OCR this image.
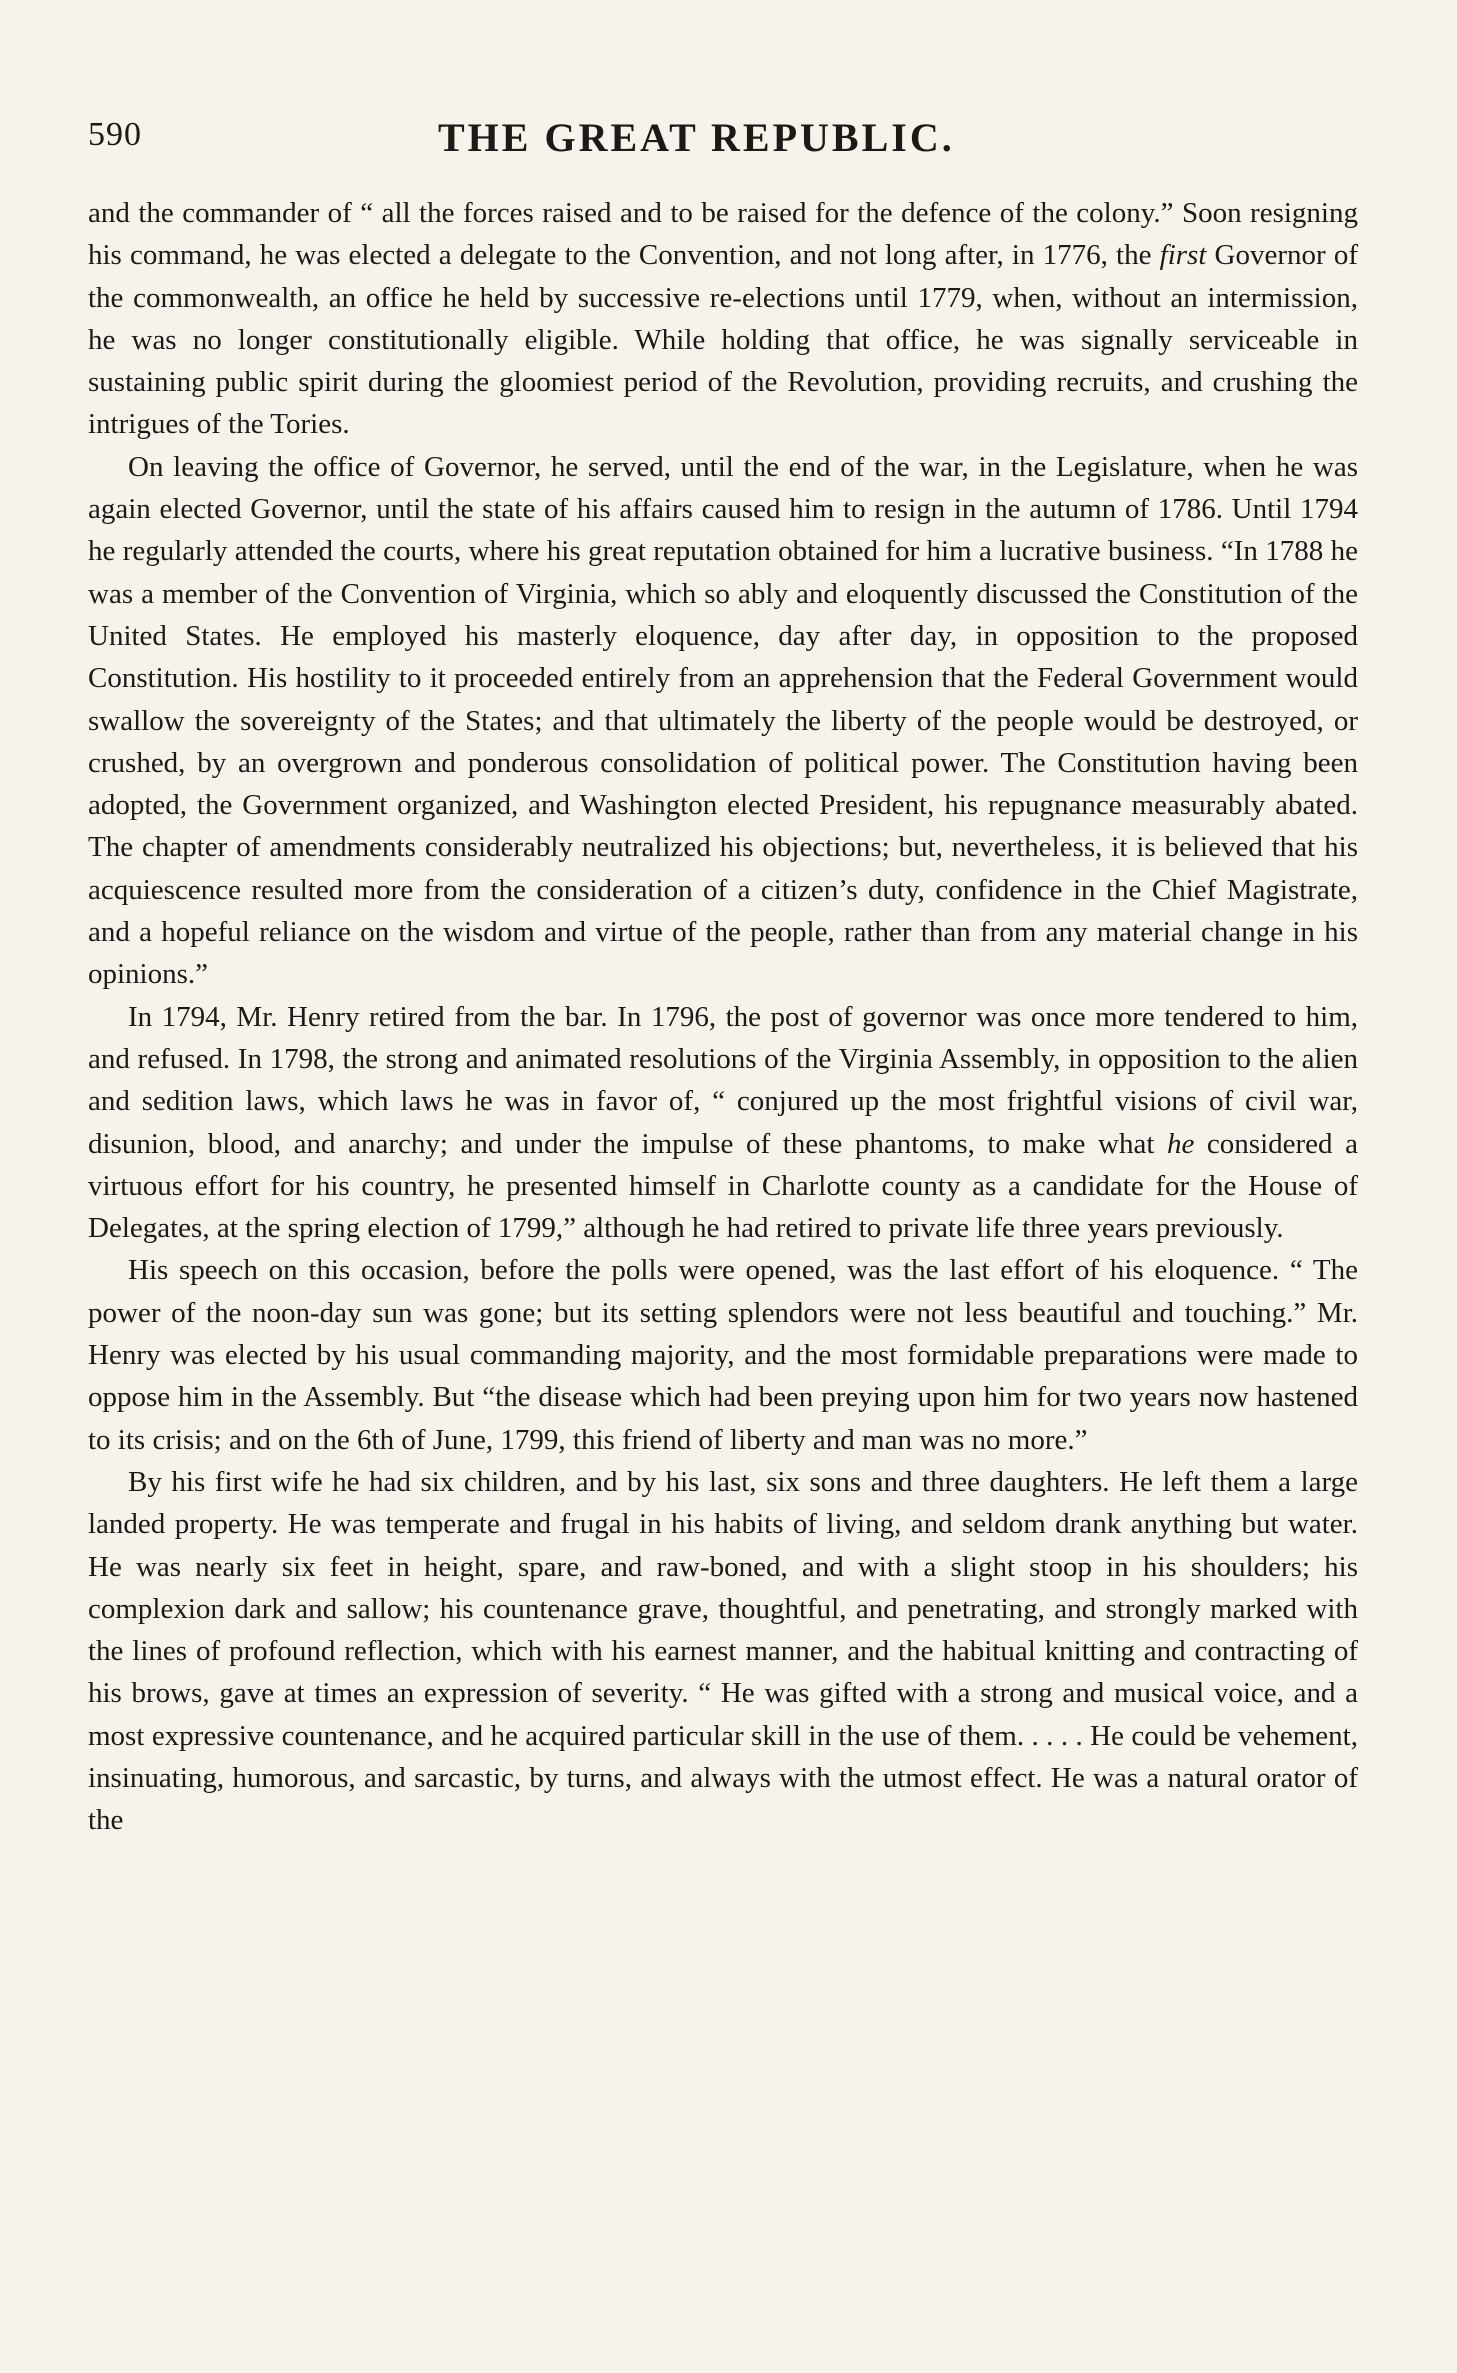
590	THE GREAT REPUBLIC.

and the commander of “ all the forces raised and to be raised for the defence of the colony.” Soon resigning his command, he was elected a delegate to the Convention, and not long after, in 1776, the first Governor of the commonwealth, an office he held by successive re-elections until 1779, when, without an intermission, he was no longer constitutionally eligible. While holding that office, he was signally serviceable in sustaining public spirit during the gloomiest period of the Revolution, providing recruits, and crushing the intrigues of the Tories.

On leaving the office of Governor, he served, until the end of the war, in the Legislature, when he was again elected Governor, until the state of his affairs caused him to resign in the autumn of 1786. Until 1794 he regularly attended the courts, where his great reputation obtained for him a lucrative business. “In 1788 he was a member of the Convention of Virginia, which so ably and eloquently discussed the Constitution of the United States. He employed his masterly eloquence, day after day, in opposition to the proposed Constitution. His hostility to it proceeded entirely from an apprehension that the Federal Government would swallow the sovereignty of the States; and that ultimately the liberty of the people would be destroyed, or crushed, by an overgrown and ponderous consolidation of political power. The Constitution having been adopted, the Government organized, and Washington elected President, his repugnance measurably abated. The chapter of amendments considerably neutralized his objections; but, nevertheless, it is believed that his acquiescence resulted more from the consideration of a citizen’s duty, confidence in the Chief Magistrate, and a hopeful reliance on the wisdom and virtue of the people, rather than from any material change in his opinions.”

In 1794, Mr. Henry retired from the bar. In 1796, the post of governor was once more tendered to him, and refused. In 1798, the strong and animated resolutions of the Virginia Assembly, in opposition to the alien and sedition laws, which laws he was in favor of, “ conjured up the most frightful visions of civil war, disunion, blood, and anarchy; and under the impulse of these phantoms, to make what he considered a virtuous effort for his country, he presented himself in Charlotte county as a candidate for the House of Delegates, at the spring election of 1799,” although he had retired to private life three years previously.

His speech on this occasion, before the polls were opened, was the last effort of his eloquence. “ The power of the noon-day sun was gone; but its setting splendors were not less beautiful and touching.” Mr. Henry was elected by his usual commanding majority, and the most formidable preparations were made to oppose him in the Assembly. But “the disease which had been preying upon him for two years now hastened to its crisis; and on the 6th of June, 1799, this friend of liberty and man was no more.”

By his first wife he had six children, and by his last, six sons and three daughters. He left them a large landed property. He was temperate and frugal in his habits of living, and seldom drank anything but water. He was nearly six feet in height, spare, and raw-boned, and with a slight stoop in his shoulders; his complexion dark and sallow; his countenance grave, thoughtful, and penetrating, and strongly marked with the lines of profound reflection, which with his earnest manner, and the habitual knitting and contracting of his brows, gave at times an expression of severity. “ He was gifted with a strong and musical voice, and a most expressive countenance, and he acquired particular skill in the use of them. . . . . He could be vehement, insinuating, humorous, and sarcastic, by turns, and always with the utmost effect. He was a natural orator of the
